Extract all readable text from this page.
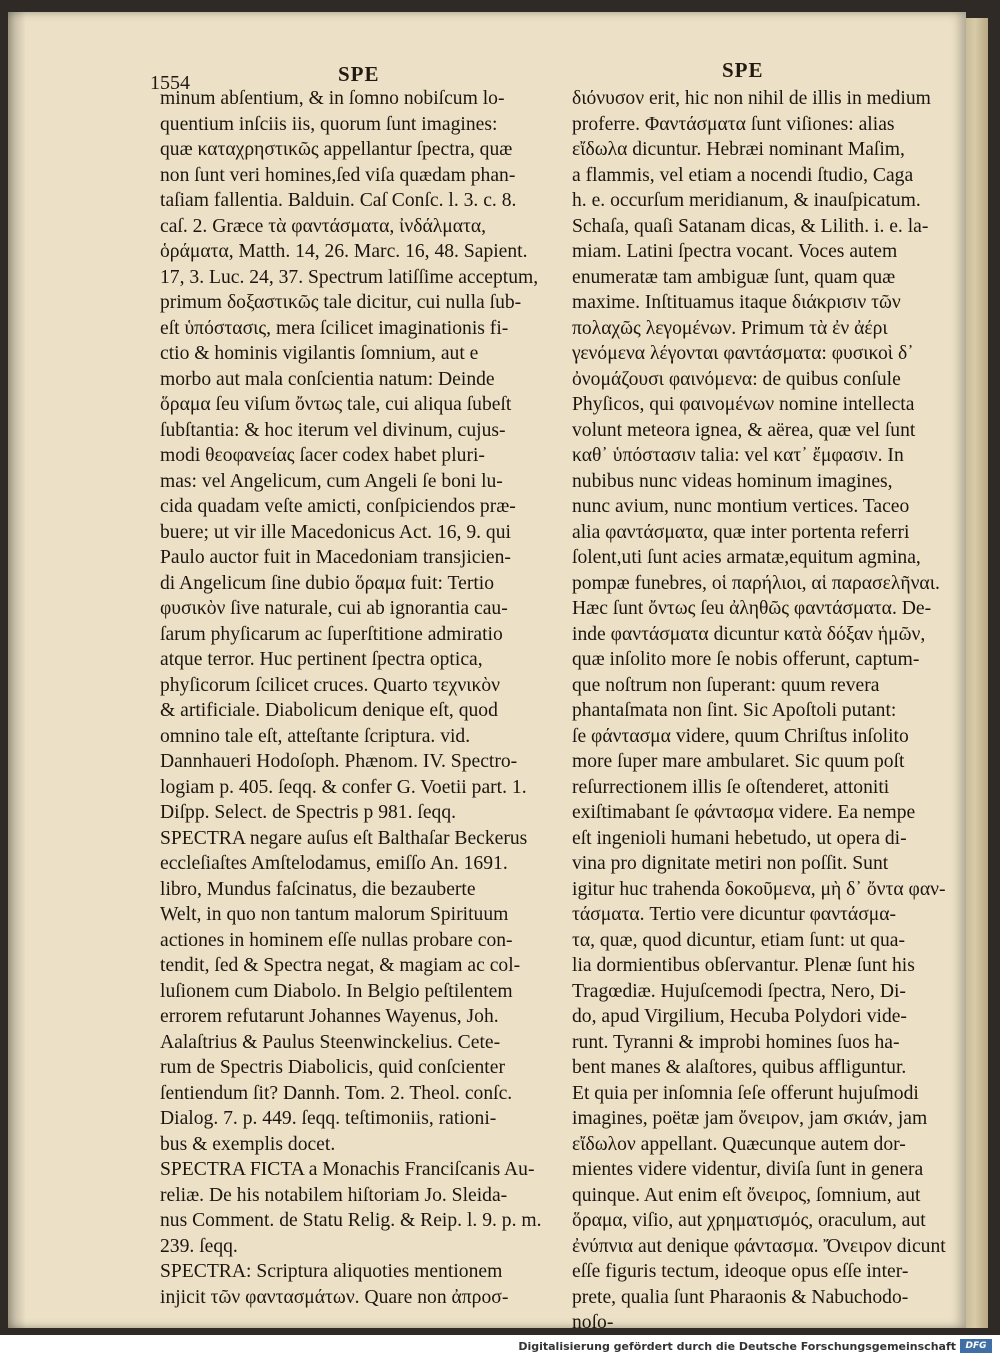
1554	SPE	SPE
minum abſentium, & in ſomno nobiſcum lo-
quentium inſciis iis, quorum ſunt imagines:
quæ καταχρηστικῶς appellantur ſpectra, quæ
non ſunt veri homines,ſed viſa quædam phan-
taſiam fallentia. Balduin. Caſ Conſc. l. 3. c. 8.
caſ. 2. Græce τὰ φαντάσματα, ἰνδάλματα,
ὁράματα, Matth. 14, 26. Marc. 16, 48. Sapient.
17, 3. Luc. 24, 37. Spectrum latiſſime acceptum,
primum δοξαστικῶς tale dicitur, cui nulla ſub-
eſt ὑπόστασις, mera ſcilicet imaginationis fi-
ctio & hominis vigilantis ſomnium, aut e
morbo aut mala conſcientia natum: Deinde
ὅραμα ſeu viſum ὄντως tale, cui aliqua ſubeſt
ſubſtantia: & hoc iterum vel divinum, cujus-
modi θεοφανείας ſacer codex habet pluri-
mas: vel Angelicum, cum Angeli ſe boni lu-
cida quadam veſte amicti, conſpiciendos præ-
buere; ut vir ille Macedonicus Act. 16, 9. qui
Paulo auctor fuit in Macedoniam transjicien-
di Angelicum ſine dubio ὅραμα fuit: Tertio
φυσικὸν ſive naturale, cui ab ignorantia cau-
ſarum phyſicarum ac ſuperſtitione admiratio
atque terror. Huc pertinent ſpectra optica,
phyſicorum ſcilicet cruces. Quarto τεχνικὸν
& artificiale. Diabolicum denique eſt, quod
omnino tale eſt, atteſtante ſcriptura. vid.
Dannhaueri Hodoſoph. Phænom. IV. Spectro-
logiam p. 405. ſeqq. & confer G. Voetii part. 1.
Diſpp. Select. de Spectris p 981. ſeqq.
SPECTRA negare auſus eſt Balthaſar Beckerus
eccleſiaſtes Amſtelodamus, emiſſo An. 1691.
libro, Mundus faſcinatus, die bezauberte
Welt, in quo non tantum malorum Spirituum
actiones in hominem eſſe nullas probare con-
tendit, ſed & Spectra negat, & magiam ac col-
luſionem cum Diabolo. In Belgio peſtilentem
errorem refutarunt Johannes Wayenus, Joh.
Aalaſtrius & Paulus Steenwinckelius. Cete-
rum de Spectris Diabolicis, quid conſcienter
ſentiendum ſit? Dannh. Tom. 2. Theol. conſc.
Dialog. 7. p. 449. ſeqq. teſtimoniis, rationi-
bus & exemplis docet.
SPECTRA FICTA a Monachis Franciſcanis Au-
reliæ. De his notabilem hiſtoriam Jo. Sleida-
nus Comment. de Statu Relig. & Reip. l. 9. p. m.
239. ſeqq.
SPECTRA: Scriptura aliquoties mentionem
injicit τῶν φαντασμάτων. Quare non ἀπροσ-
διόνυσον erit, hic non nihil de illis in medium
proferre. Φαντάσματα ſunt viſiones: alias
εἴδωλα dicuntur. Hebræi nominant Maſim,
a flammis, vel etiam a nocendi ſtudio, Caga
h. e. occurſum meridianum, & inauſpicatum.
Schaſa, quaſi Satanam dicas, & Lilith. i. e. la-
miam. Latini ſpectra vocant. Voces autem
enumeratæ tam ambiguæ ſunt, quam quæ
maxime. Inſtituamus itaque διάκρισιν τῶν
πολαχῶς λεγομένων. Primum τὰ ἐν ἀέρι
γενόμενα λέγονται φαντάσματα: φυσικοὶ δ᾽
ὀνομάζουσι φαινόμενα: de quibus conſule
Phyſicos, qui φαινομένων nomine intellecta
volunt meteora ignea, & aërea, quæ vel ſunt
καθ᾽ ὑπόστασιν talia: vel κατ᾽ ἔμφασιν. In
nubibus nunc videas hominum imagines,
nunc avium, nunc montium vertices. Taceo
alia φαντάσματα, quæ inter portenta referri
ſolent,uti ſunt acies armatæ,equitum agmina,
pompæ funebres, οἱ παρήλιοι, αἱ παρασελῆναι.
Hæc ſunt ὄντως ſeu ἀληθῶς φαντάσματα. De-
inde φαντάσματα dicuntur κατὰ δόξαν ἡμῶν,
quæ inſolito more ſe nobis offerunt, captum-
que noſtrum non ſuperant: quum revera
phantaſmata non ſint. Sic Apoſtoli putant:
ſe φάντασμα videre, quum Chriſtus inſolito
more ſuper mare ambularet. Sic quum poſt
reſurrectionem illis ſe oſtenderet, attoniti
exiſtimabant ſe φάντασμα videre. Ea nempe
eſt ingenioli humani hebetudo, ut opera di-
vina pro dignitate metiri non poſſit. Sunt
igitur huc trahenda δοκοῦμενα, μὴ δ᾽ ὄντα φαν-
τάσματα. Tertio vere dicuntur φαντάσμα-
τα, quæ, quod dicuntur, etiam ſunt: ut qua-
lia dormientibus obſervantur. Plenæ ſunt his
Tragœdiæ. Hujuſcemodi ſpectra, Nero, Di-
do, apud Virgilium, Hecuba Polydori vide-
runt. Tyranni & improbi homines ſuos ha-
bent manes & alaſtores, quibus affliguntur.
Et quia per inſomnia ſeſe offerunt hujuſmodi
imagines, poëtæ jam ὄνειρον, jam σκιάν, jam
εἴδωλον appellant. Quæcunque autem dor-
mientes videre videntur, diviſa ſunt in genera
quinque. Aut enim eſt ὄνειρος, ſomnium, aut
ὅραμα, viſio, aut χρηματισμός, oraculum, aut
ἐνύπνια aut denique φάντασμα. Ὄνειρον dicunt
eſſe figuris tectum, ideoque opus eſſe inter-
prete, qualia ſunt Pharaonis & Nabuchodo-
noſo-
Digitalisierung gefördert durch die Deutsche Forschungsgemeinschaft	DFG
